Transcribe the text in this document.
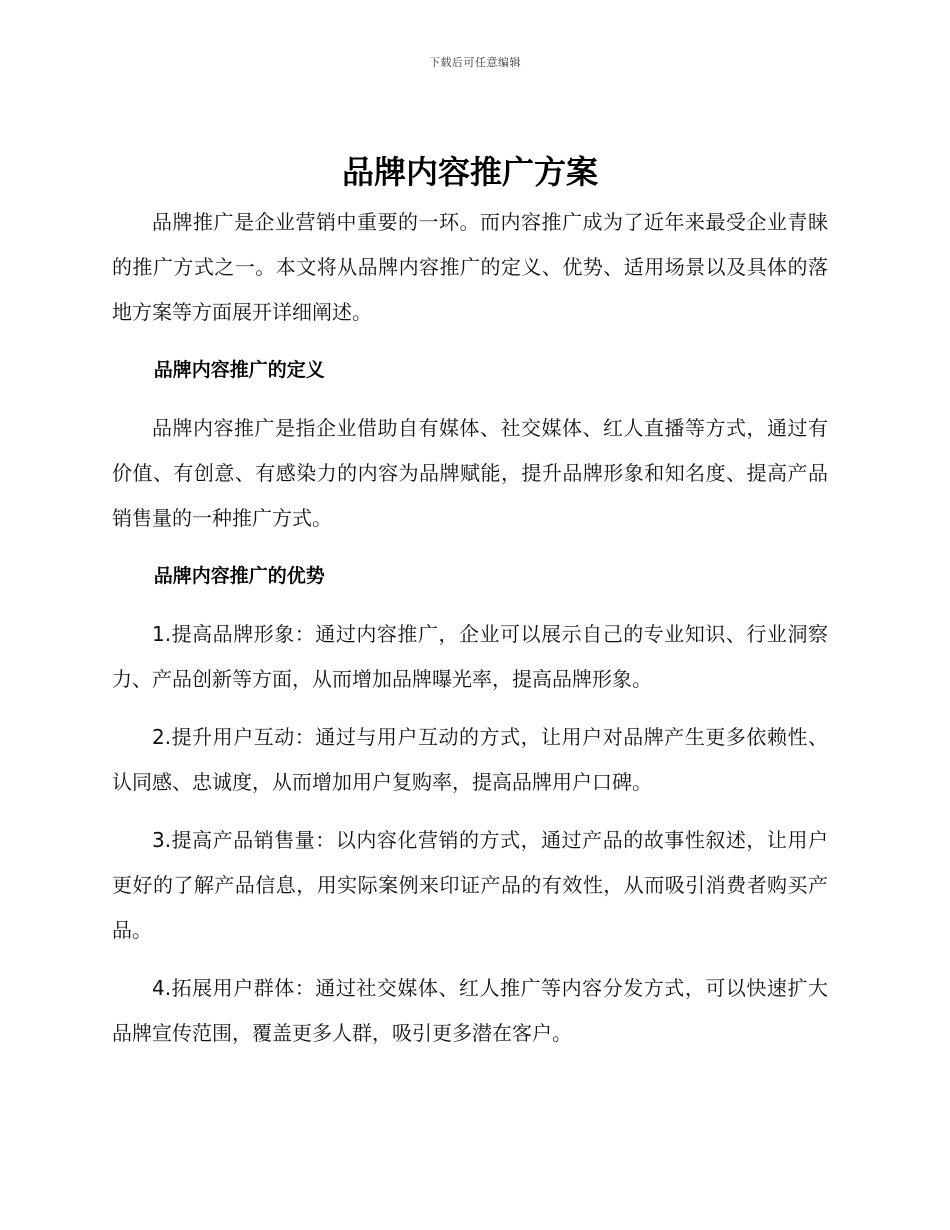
下载后可任意编辑
品牌内容推广方案

品牌推广是企业营销中重要的一环。而内容推广成为了近年来最受企业青睐的推广方式之一。本文将从品牌内容推广的定义、优势、适用场景以及具体的落地方案等方面展开详细阐述。

品牌内容推广的定义

品牌内容推广是指企业借助自有媒体、社交媒体、红人直播等方式，通过有价值、有创意、有感染力的内容为品牌赋能，提升品牌形象和知名度、提高产品销售量的一种推广方式。

品牌内容推广的优势

1.提高品牌形象：通过内容推广，企业可以展示自己的专业知识、行业洞察力、产品创新等方面，从而增加品牌曝光率，提高品牌形象。

2.提升用户互动：通过与用户互动的方式，让用户对品牌产生更多依赖性、认同感、忠诚度，从而增加用户复购率，提高品牌用户口碑。

3.提高产品销售量：以内容化营销的方式，通过产品的故事性叙述，让用户更好的了解产品信息，用实际案例来印证产品的有效性，从而吸引消费者购买产品。

4.拓展用户群体：通过社交媒体、红人推广等内容分发方式，可以快速扩大品牌宣传范围，覆盖更多人群，吸引更多潜在客户。
